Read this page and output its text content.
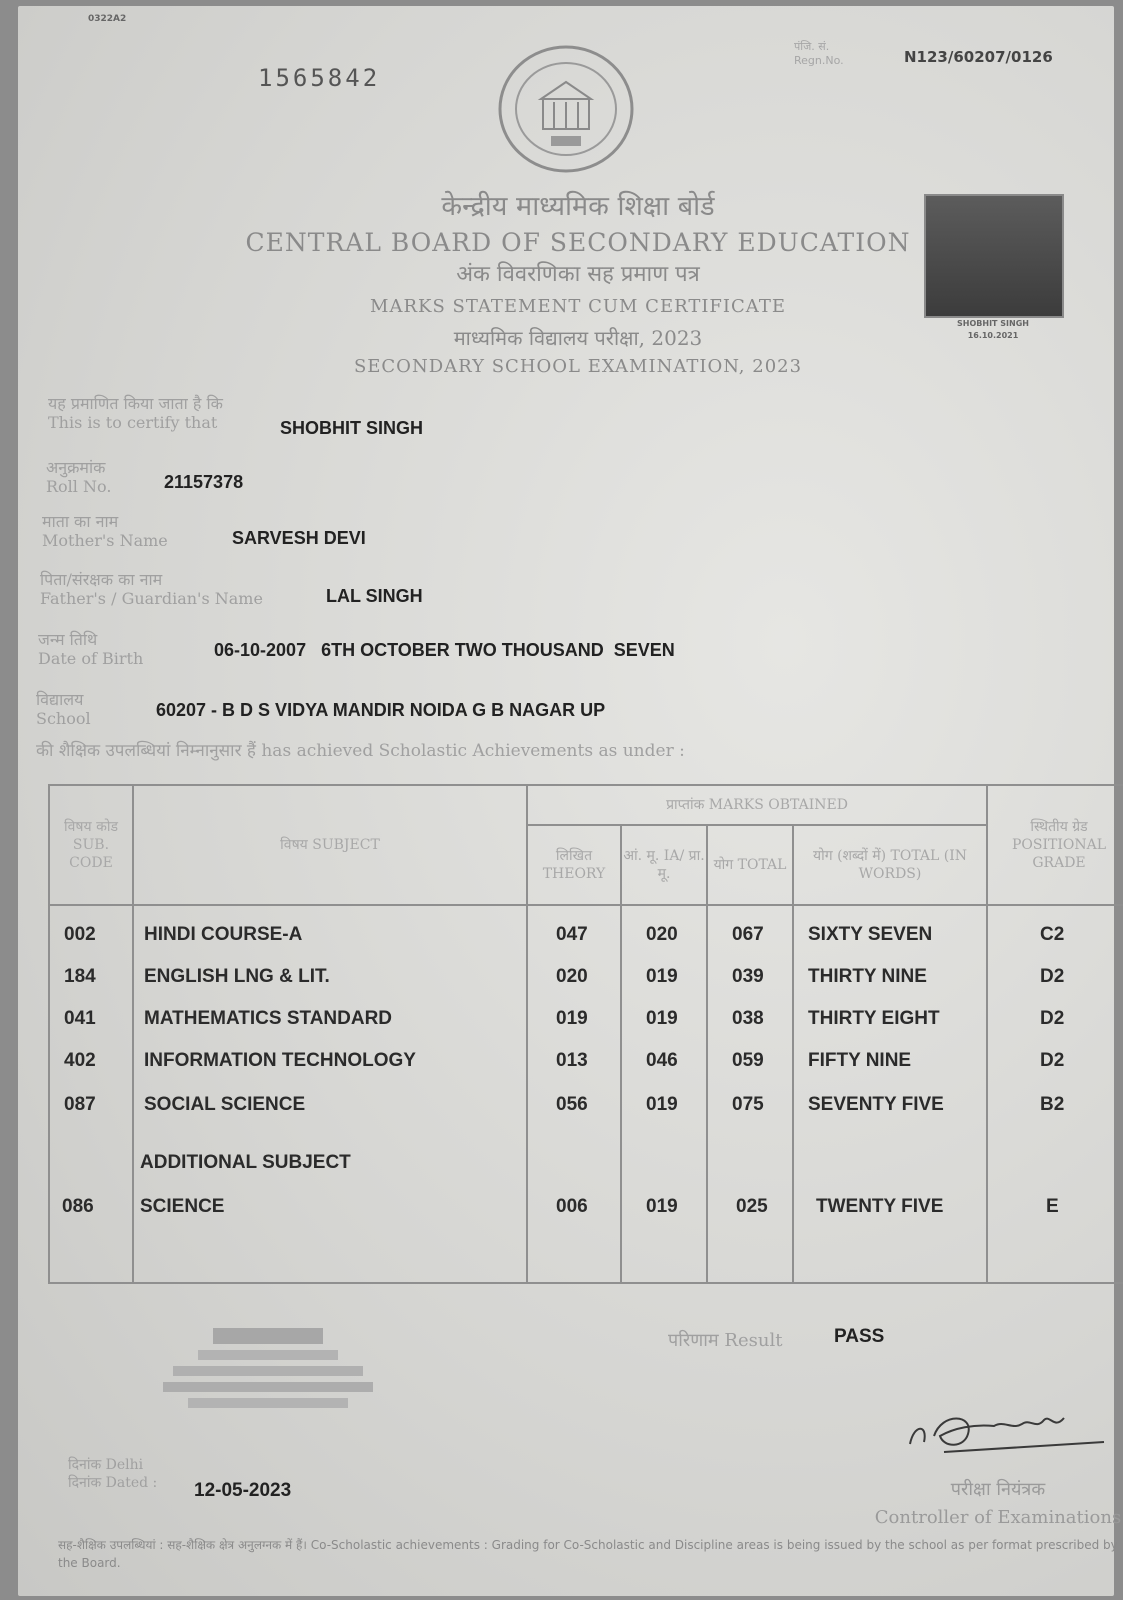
0322A2
1565842
पंजि. सं.
Regn.No.	N123/60207/0126
केन्द्रीय माध्यमिक शिक्षा बोर्ड
CENTRAL BOARD OF SECONDARY EDUCATION
अंक विवरणिका सह प्रमाण पत्र
MARKS STATEMENT CUM CERTIFICATE
माध्यमिक विद्यालय परीक्षा, 2023
SECONDARY SCHOOL EXAMINATION, 2023
SHOBHIT SINGH
16.10.2021
यह प्रमाणित किया जाता है कि
This is to certify that	SHOBHIT SINGH
अनुक्रमांक
Roll No.	21157378
माता का नाम
Mother's Name	SARVESH DEVI
पिता/संरक्षक का नाम
Father's / Guardian's Name	LAL SINGH
जन्म तिथि
Date of Birth	06-10-2007   6TH OCTOBER TWO THOUSAND  SEVEN
विद्यालय
School	60207 - B D S VIDYA MANDIR NOIDA G B NAGAR UP
की शैक्षिक उपलब्धियां निम्नानुसार हैं has achieved Scholastic Achievements as under :
विषय कोड SUB. CODE	विषय SUBJECT	प्राप्तांक MARKS OBTAINED				स्थितीय ग्रेड POSITIONAL GRADE
		लिखित THEORY	आं. मू. IA/ प्रा. मू.	योग TOTAL	योग (शब्दों में) TOTAL (IN WORDS)	

002	HINDI COURSE-A	047	020	067 SIXTY SEVEN	C2
184	ENGLISH LNG & LIT.	020	019	039 THIRTY NINE	D2
041	MATHEMATICS STANDARD	019	019	038 THIRTY EIGHT	D2
402	INFORMATION TECHNOLOGY	013	046	059 FIFTY NINE	D2
087	SOCIAL SCIENCE	056	019	075 SEVENTY FIVE	B2
ADDITIONAL SUBJECT
086 SCIENCE	006	019	025	TWENTY FIVE	E
परिणाम Result	PASS
दिनांक Delhi
दिनांक Dated : 12-05-2023	परीक्षा नियंत्रक
Controller of Examinations
सह-शैक्षिक उपलब्धियां : सह-शैक्षिक क्षेत्र अनुलग्नक में हैं। Co-Scholastic achievements : Grading for Co-Scholastic and Discipline areas is being issued by the school as per format prescribed by the Board.
